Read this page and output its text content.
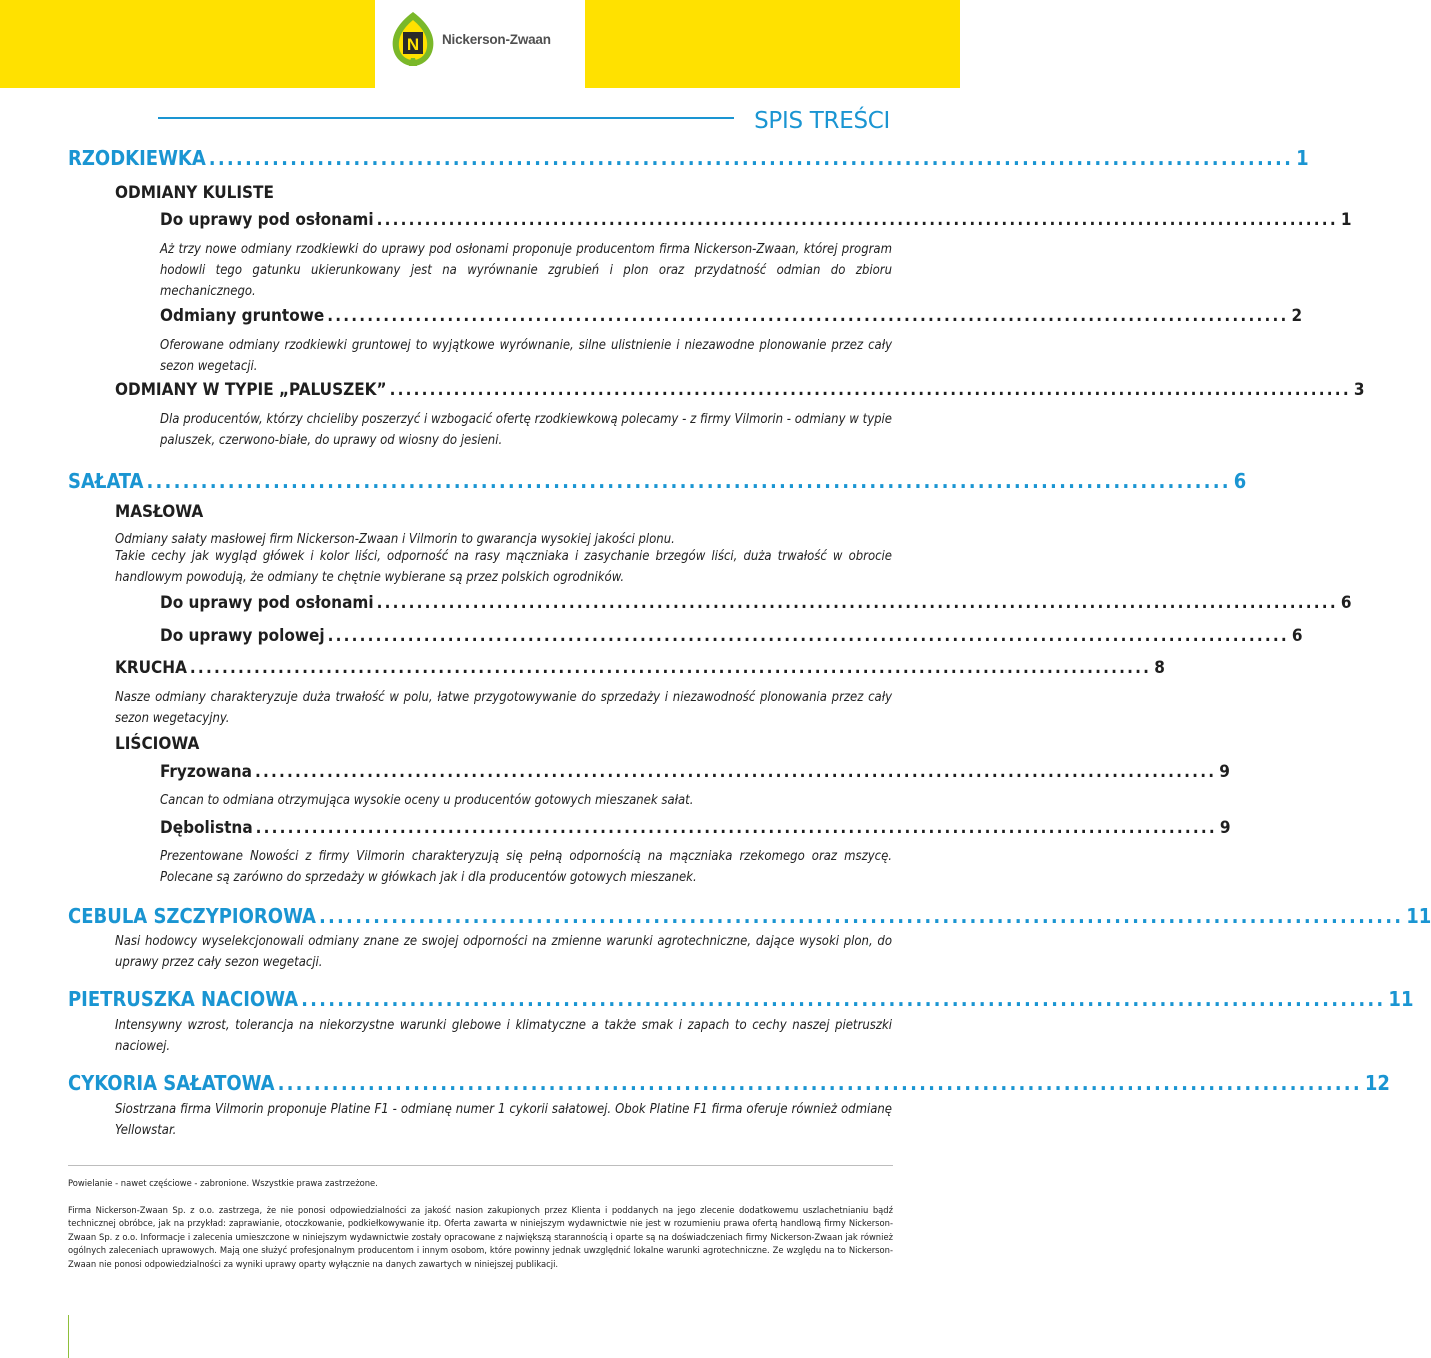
N Nickerson-Zwaan
SPIS TREŚCI
RZODKIEWKA ........................................................................................................................ 1
ODMIANY KULISTE
Do uprawy pod osłonami ........................................................................................................................ 1
Aż trzy nowe odmiany rzodkiewki do uprawy pod osłonami proponuje producentom firma Nickerson-Zwaan, której program hodowli tego gatunku ukierunkowany jest na wyrównanie zgrubień i plon oraz przydatność odmian do zbioru mechanicznego.
Odmiany gruntowe ........................................................................................................................ 2
Oferowane odmiany rzodkiewki gruntowej to wyjątkowe wyrównanie, silne ulistnienie i niezawodne plonowanie przez cały sezon wegetacji.
ODMIANY W TYPIE „PALUSZEK” ........................................................................................................................ 3
Dla producentów, którzy chcieliby poszerzyć i wzbogacić ofertę rzodkiewkową polecamy - z firmy Vilmorin - odmiany w typie paluszek, czerwono-białe, do uprawy od wiosny do jesieni.
SAŁATA ........................................................................................................................ 6
MASŁOWA
Odmiany sałaty masłowej firm Nickerson-Zwaan i Vilmorin to gwarancja wysokiej jakości plonu.
Takie cechy jak wygląd główek i kolor liści, odporność na rasy mączniaka i zasychanie brzegów liści, duża trwałość w obrocie handlowym powodują, że odmiany te chętnie wybierane są przez polskich ogrodników.
Do uprawy pod osłonami ........................................................................................................................ 6
Do uprawy polowej ........................................................................................................................ 6
KRUCHA ........................................................................................................................ 8
Nasze odmiany charakteryzuje duża trwałość w polu, łatwe przygotowywanie do sprzedaży i niezawodność plonowania przez cały sezon wegetacyjny.
LIŚCIOWA
Fryzowana ........................................................................................................................ 9
Cancan to odmiana otrzymująca wysokie oceny u producentów gotowych mieszanek sałat.
Dębolistna ........................................................................................................................ 9
Prezentowane Nowości z firmy Vilmorin charakteryzują się pełną odpornością na mączniaka rzekomego oraz mszycę. Polecane są zarówno do sprzedaży w główkach jak i dla producentów gotowych mieszanek.
CEBULA SZCZYPIOROWA ........................................................................................................................ 11
Nasi hodowcy wyselekcjonowali odmiany znane ze swojej odporności na zmienne warunki agrotechniczne, dające wysoki plon, do uprawy przez cały sezon wegetacji.
PIETRUSZKA NACIOWA ........................................................................................................................ 11
Intensywny wzrost, tolerancja na niekorzystne warunki glebowe i klimatyczne a także smak i zapach to cechy naszej pietruszki naciowej.
CYKORIA SAŁATOWA ........................................................................................................................ 12
Siostrzana firma Vilmorin proponuje Platine F1 - odmianę numer 1 cykorii sałatowej. Obok Platine F1 firma oferuje również odmianę Yellowstar.
Powielanie - nawet częściowe - zabronione. Wszystkie prawa zastrzeżone.
Firma Nickerson-Zwaan Sp. z o.o. zastrzega, że nie ponosi odpowiedzialności za jakość nasion zakupionych przez Klienta i poddanych na jego zlecenie dodatkowemu uszlachetnianiu bądź technicznej obróbce, jak na przykład: zaprawianie, otoczkowanie, podkiełkowywanie itp. Oferta zawarta w niniejszym wydawnictwie nie jest w rozumieniu prawa ofertą handlową firmy Nickerson-Zwaan Sp. z o.o. Informacje i zalecenia umieszczone w niniejszym wydawnictwie zostały opracowane z największą starannością i oparte są na doświadczeniach firmy Nickerson-Zwaan jak również ogólnych zaleceniach uprawowych. Mają one służyć profesjonalnym producentom i innym osobom, które powinny jednak uwzględnić lokalne warunki agrotechniczne. Ze względu na to Nickerson-Zwaan nie ponosi odpowiedzialności za wyniki uprawy oparty wyłącznie na danych zawartych w niniejszej publikacji.
